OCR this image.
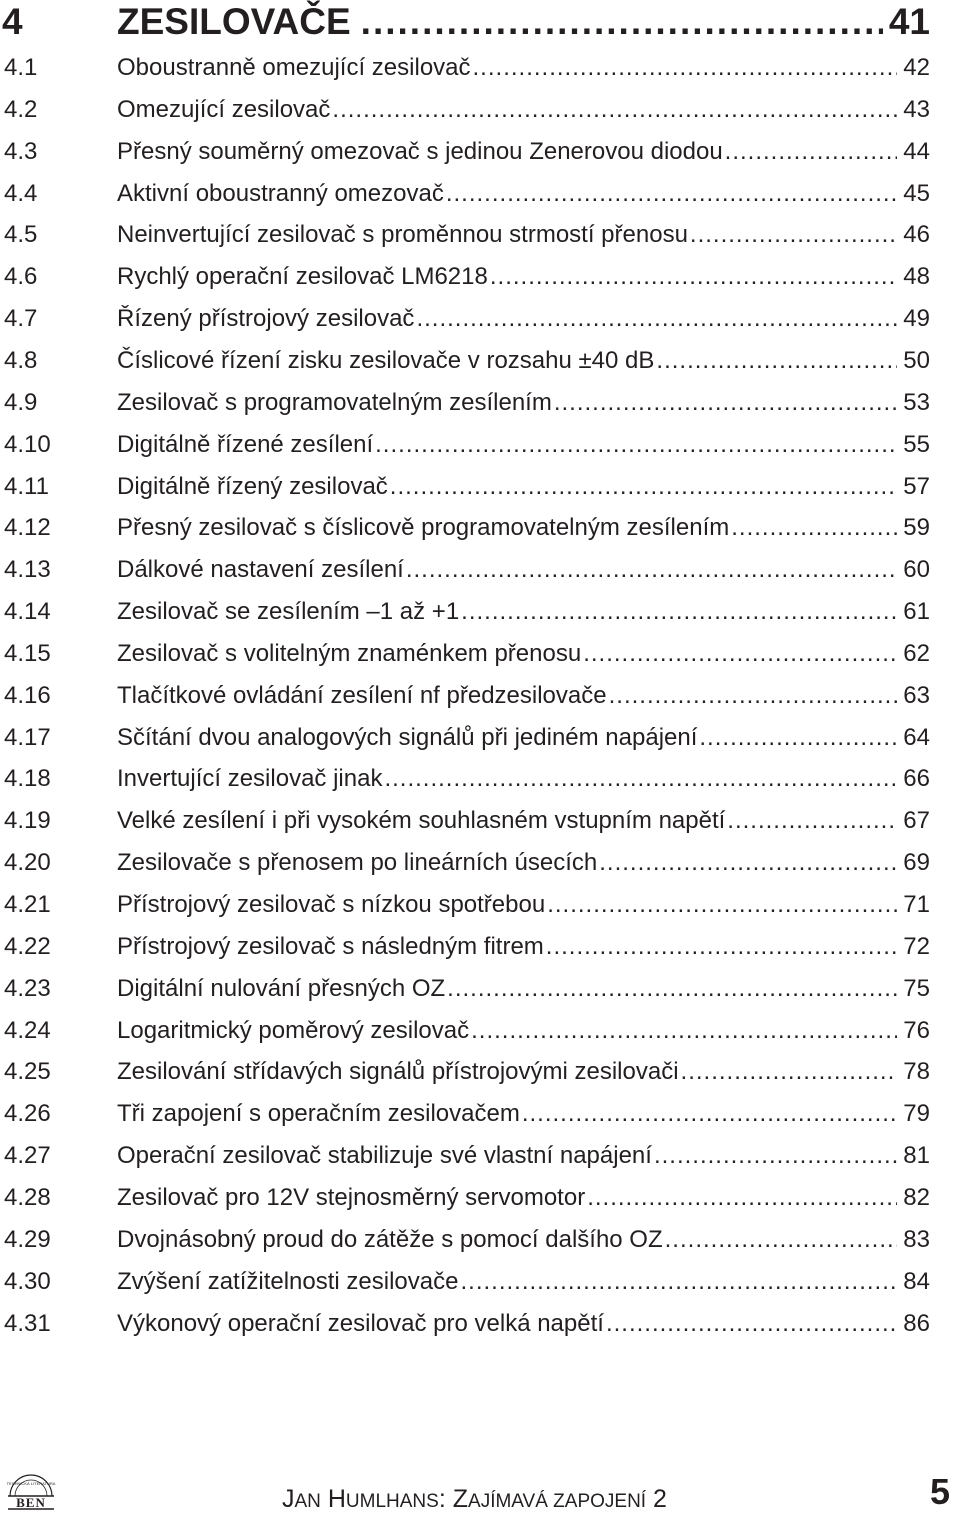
4	ZESILOVAČE .....	41
4.1	Oboustranně omezující zesilovač .....	42
4.2	Omezující zesilovač .....	43
4.3	Přesný souměrný omezovač s jedinou Zenerovou diodou .....	44
4.4	Aktivní oboustranný omezovač .....	45
4.5	Neinvertující zesilovač s proměnnou strmostí přenosu .....	46
4.6	Rychlý operační zesilovač LM6218 .....	48
4.7	Řízený přístrojový zesilovač .....	49
4.8	Číslicové řízení zisku zesilovače v rozsahu ±40 dB .....	50
4.9	Zesilovač s programovatelným zesílením .....	53
4.10	Digitálně řízené zesílení .....	55
4.11	Digitálně řízený zesilovač .....	57
4.12	Přesný zesilovač s číslicově programovatelným zesílením .....	59
4.13	Dálkové nastavení zesílení .....	60
4.14	Zesilovač se zesílením –1 až +1 .....	61
4.15	Zesilovač s volitelným znaménkem přenosu .....	62
4.16	Tlačítkové ovládání zesílení nf předzesilovače .....	63
4.17	Sčítání dvou analogových signálů při jediném napájení .....	64
4.18	Invertující zesilovač jinak .....	66
4.19	Velké zesílení i při vysokém souhlasném vstupním napětí .....	67
4.20	Zesilovače s přenosem po lineárních úsecích .....	69
4.21	Přístrojový zesilovač s nízkou spotřebou .....	71
4.22	Přístrojový zesilovač s následným fitrem .....	72
4.23	Digitální nulování přesných OZ .....	75
4.24	Logaritmický poměrový zesilovač .....	76
4.25	Zesilování střídavých signálů přístrojovými zesilovači .....	78
4.26	Tři zapojení s operačním zesilovačem .....	79
4.27	Operační zesilovač stabilizuje své vlastní napájení .....	81
4.28	Zesilovač pro 12V stejnosměrný servomotor .....	82
4.29	Dvojnásobný proud do zátěže s pomocí dalšího OZ .....	83
4.30	Zvýšení zatížitelnosti zesilovače .....	84
4.31	Výkonový operační zesilovač pro velká napětí .....	86
BEN
TECHNICKÁ LITERATURA
JAN HUMLHANS: ZAJÍMAVÁ ZAPOJENÍ 2	5
